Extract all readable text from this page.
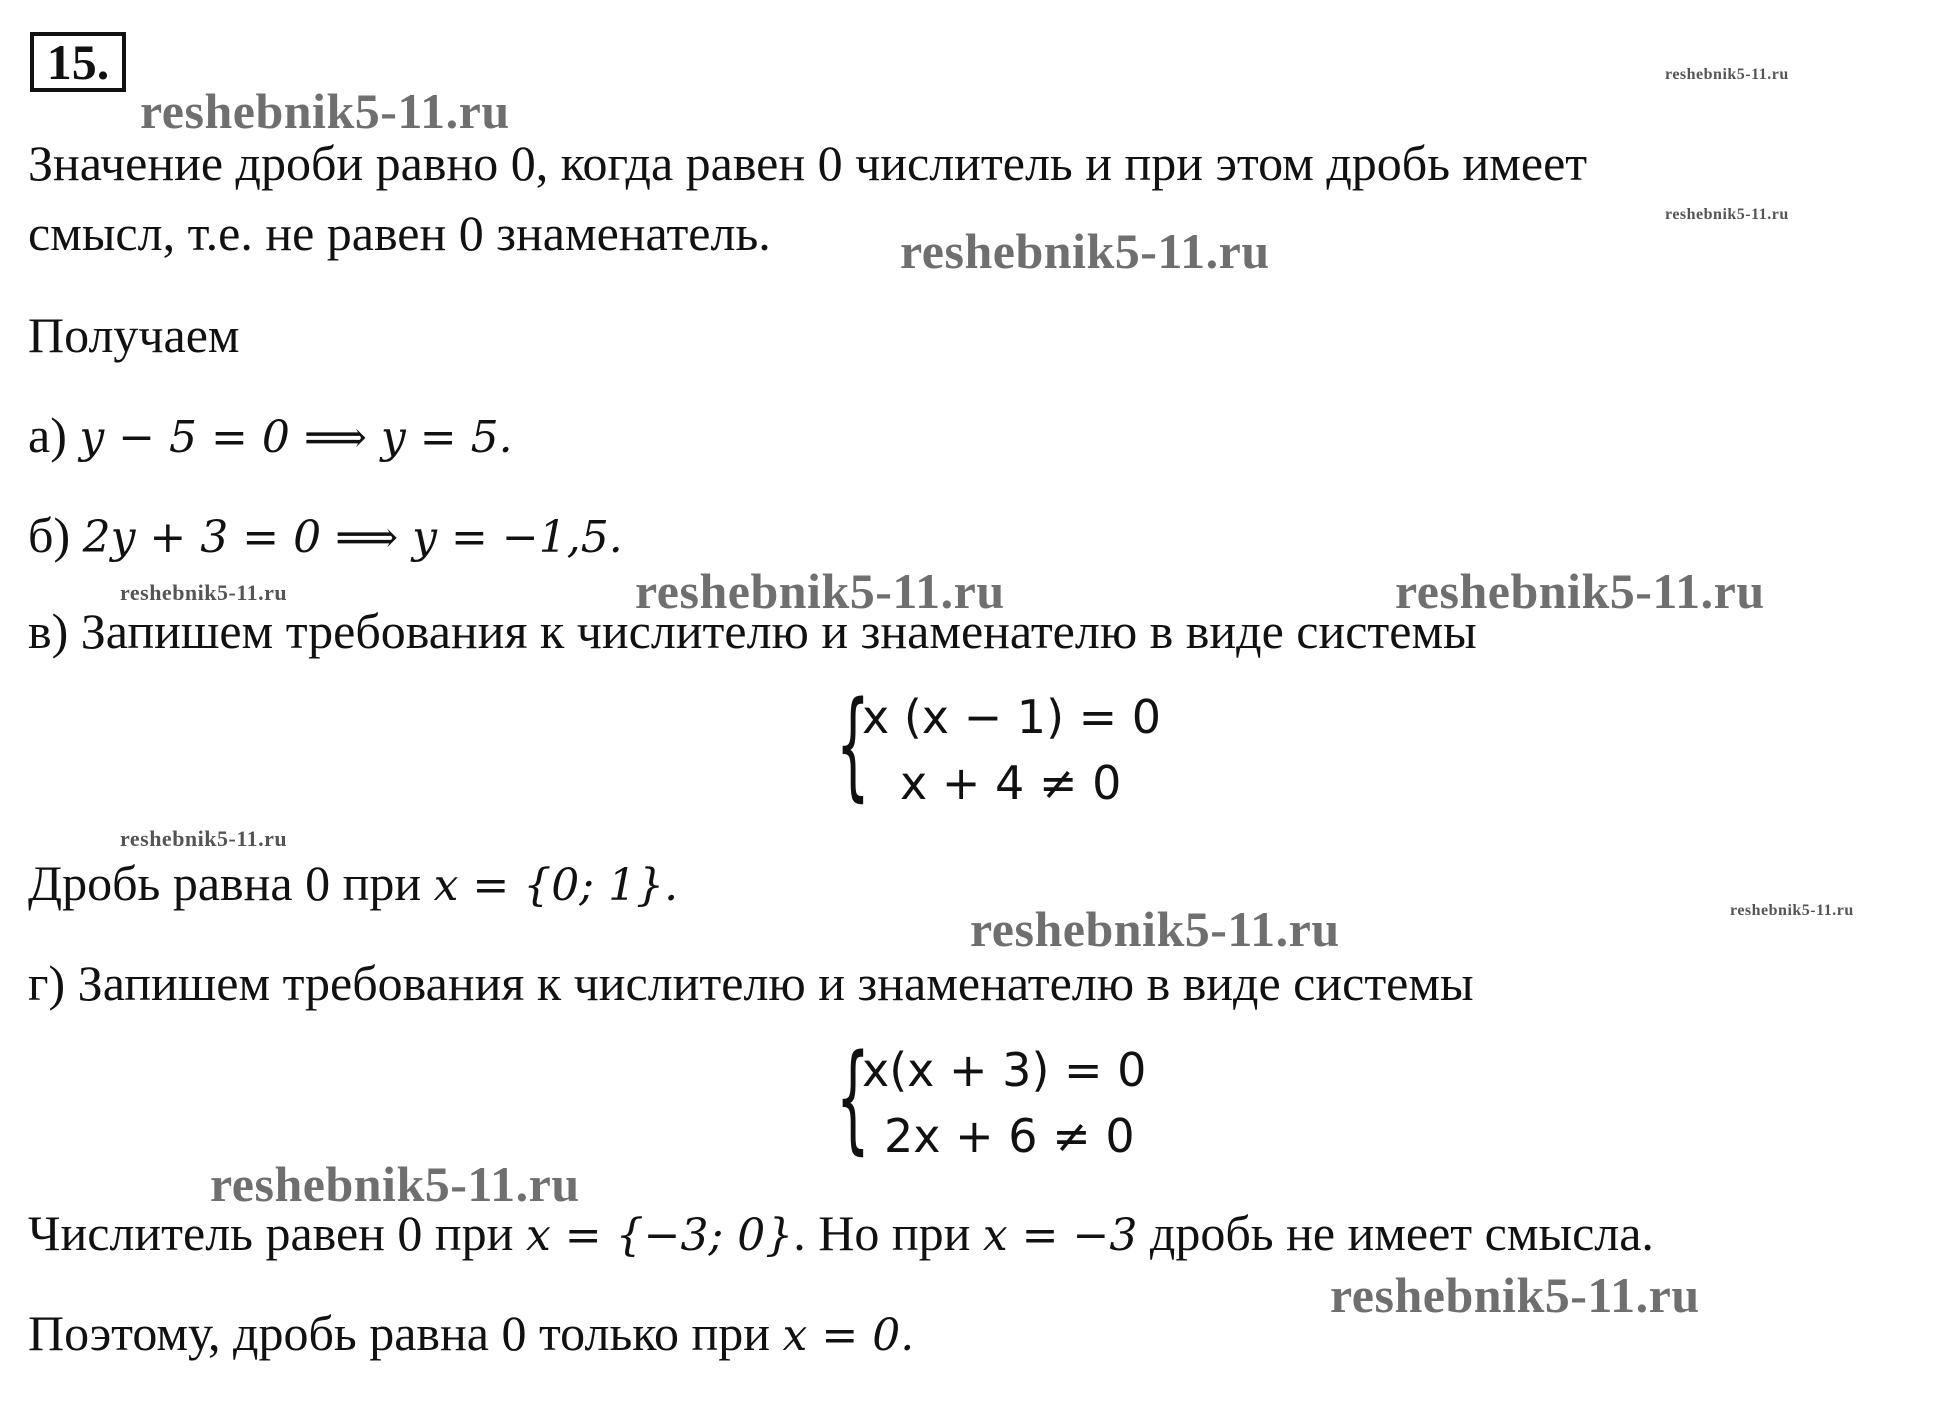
15.
reshebnik5-11.ru
reshebnik5-11.ru
reshebnik5-11.ru
reshebnik5-11.ru
reshebnik5-11.ru	reshebnik5-11.ru	reshebnik5-11.ru
reshebnik5-11.ru
reshebnik5-11.ru
reshebnik5-11.ru
reshebnik5-11.ru
reshebnik5-11.ru
Значение дроби равно 0, когда равен 0 числитель и при этом дробь имеет
смысл, т.е. не равен 0 знаменатель.
Получаем
а) y − 5 = 0 ⟹ y = 5.
б) 2y + 3 = 0 ⟹ y = −1,5.
в) Запишем требования к числителю и знаменателю в виде системы
{
x (x − 1) = 0
x + 4 ≠ 0
Дробь равна 0 при x = {0; 1}.
г) Запишем требования к числителю и знаменателю в виде системы
{
x(x + 3) = 0
2x + 6 ≠ 0
Числитель равен 0 при x = {−3; 0}. Но при x = −3 дробь не имеет смысла.
Поэтому, дробь равна 0 только при x = 0.
